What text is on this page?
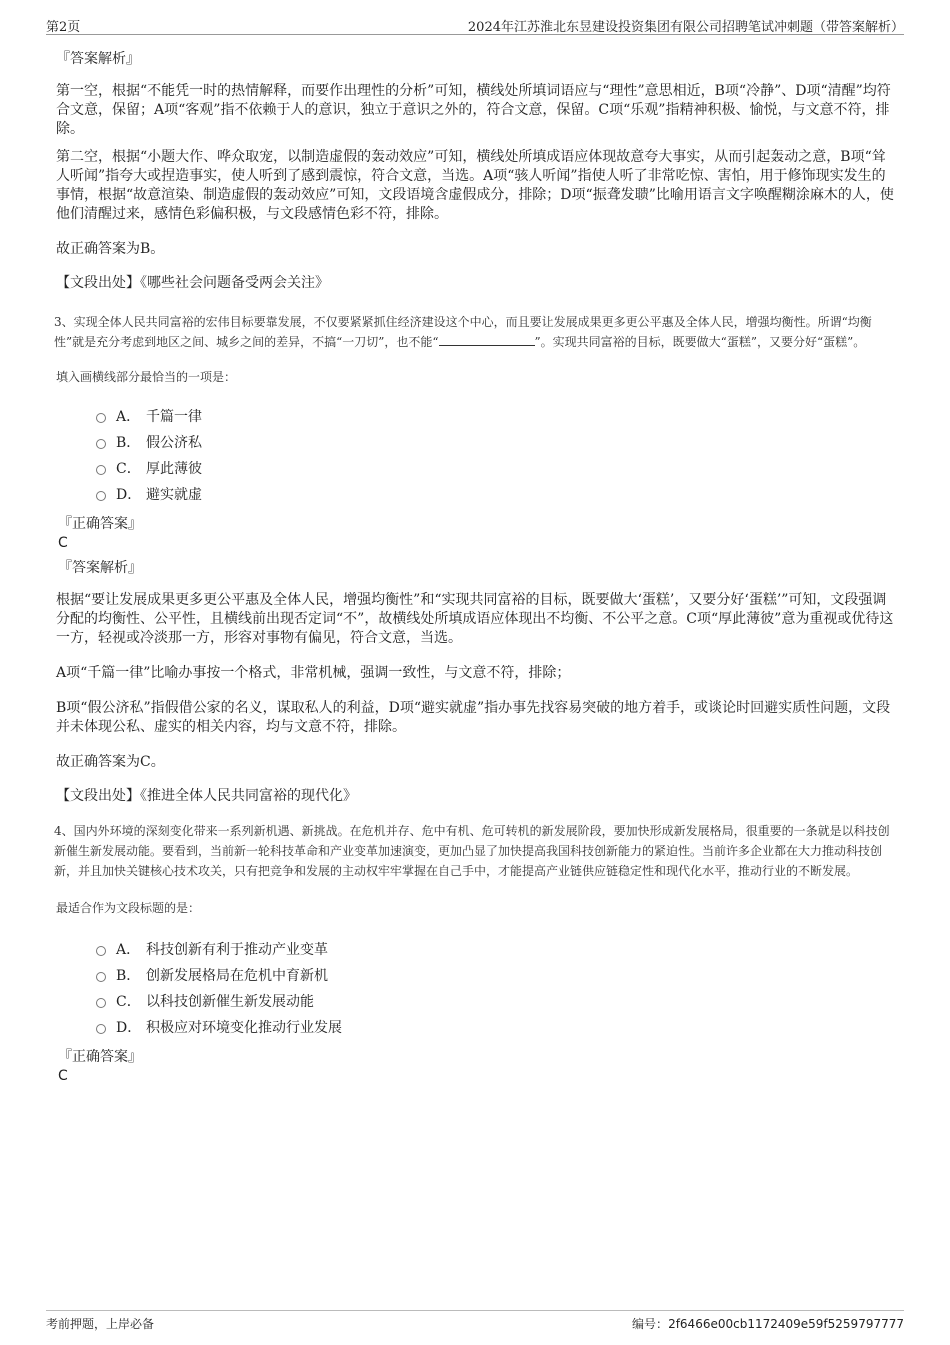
第2页	2024年江苏淮北东昱建设投资集团有限公司招聘笔试冲刺题（带答案解析）
『答案解析』

第一空，根据“不能凭一时的热情解释，而要作出理性的分析”可知，横线处所填词语应与“理性”意思相近，B项“冷静”、D项“清醒”均符合文意，保留；A项“客观”指不依赖于人的意识，独立于意识之外的，符合文意，保留。C项“乐观”指精神积极、愉悦，与文意不符，排除。

第二空，根据“小题大作、哗众取宠，以制造虚假的轰动效应”可知，横线处所填成语应体现故意夸大事实，从而引起轰动之意，B项“耸人听闻”指夸大或捏造事实，使人听到了感到震惊，符合文意，当选。A项“骇人听闻”指使人听了非常吃惊、害怕，用于修饰现实发生的事情，根据“故意渲染、制造虚假的轰动效应”可知，文段语境含虚假成分，排除；D项“振聋发聩”比喻用语言文字唤醒糊涂麻木的人，使他们清醒过来，感情色彩偏积极，与文段感情色彩不符，排除。

故正确答案为B。
【文段出处】《哪些社会问题备受两会关注》
3、实现全体人民共同富裕的宏伟目标要靠发展，不仅要紧紧抓住经济建设这个中心，而且要让发展成果更多更公平惠及全体人民，增强均衡性。所谓“均衡性”就是充分考虑到地区之间、城乡之间的差异，不搞“一刀切”，也不能“	”。实现共同富裕的目标，既要做大“蛋糕”，又要分好“蛋糕”。
填入画横线部分最恰当的一项是：
A． 千篇一律
B． 假公济私
C． 厚此薄彼
D． 避实就虚
『正确答案』
C
『答案解析』

根据“要让发展成果更多更公平惠及全体人民，增强均衡性”和“实现共同富裕的目标，既要做大‘蛋糕’，又要分好‘蛋糕’”可知，文段强调分配的均衡性、公平性，且横线前出现否定词“不”，故横线处所填成语应体现出不均衡、不公平之意。C项“厚此薄彼”意为重视或优待这一方，轻视或冷淡那一方，形容对事物有偏见，符合文意，当选。

A项“千篇一律”比喻办事按一个格式，非常机械，强调一致性，与文意不符，排除；

B项“假公济私”指假借公家的名义，谋取私人的利益，D项“避实就虚”指办事先找容易突破的地方着手，或谈论时回避实质性问题，文段并未体现公私、虚实的相关内容，均与文意不符，排除。

故正确答案为C。
【文段出处】《推进全体人民共同富裕的现代化》
4、国内外环境的深刻变化带来一系列新机遇、新挑战。在危机并存、危中有机、危可转机的新发展阶段，要加快形成新发展格局，很重要的一条就是以科技创新催生新发展动能。要看到，当前新一轮科技革命和产业变革加速演变，更加凸显了加快提高我国科技创新能力的紧迫性。当前许多企业都在大力推动科技创新，并且加快关键核心技术攻关，只有把竞争和发展的主动权牢牢掌握在自己手中，才能提高产业链供应链稳定性和现代化水平，推动行业的不断发展。
最适合作为文段标题的是：
A． 科技创新有利于推动产业变革
B． 创新发展格局在危机中育新机
C． 以科技创新催生新发展动能
D． 积极应对环境变化推动行业发展
『正确答案』
C
考前押题，上岸必备	编号：2f6466e00cb1172409e59f5259797777
